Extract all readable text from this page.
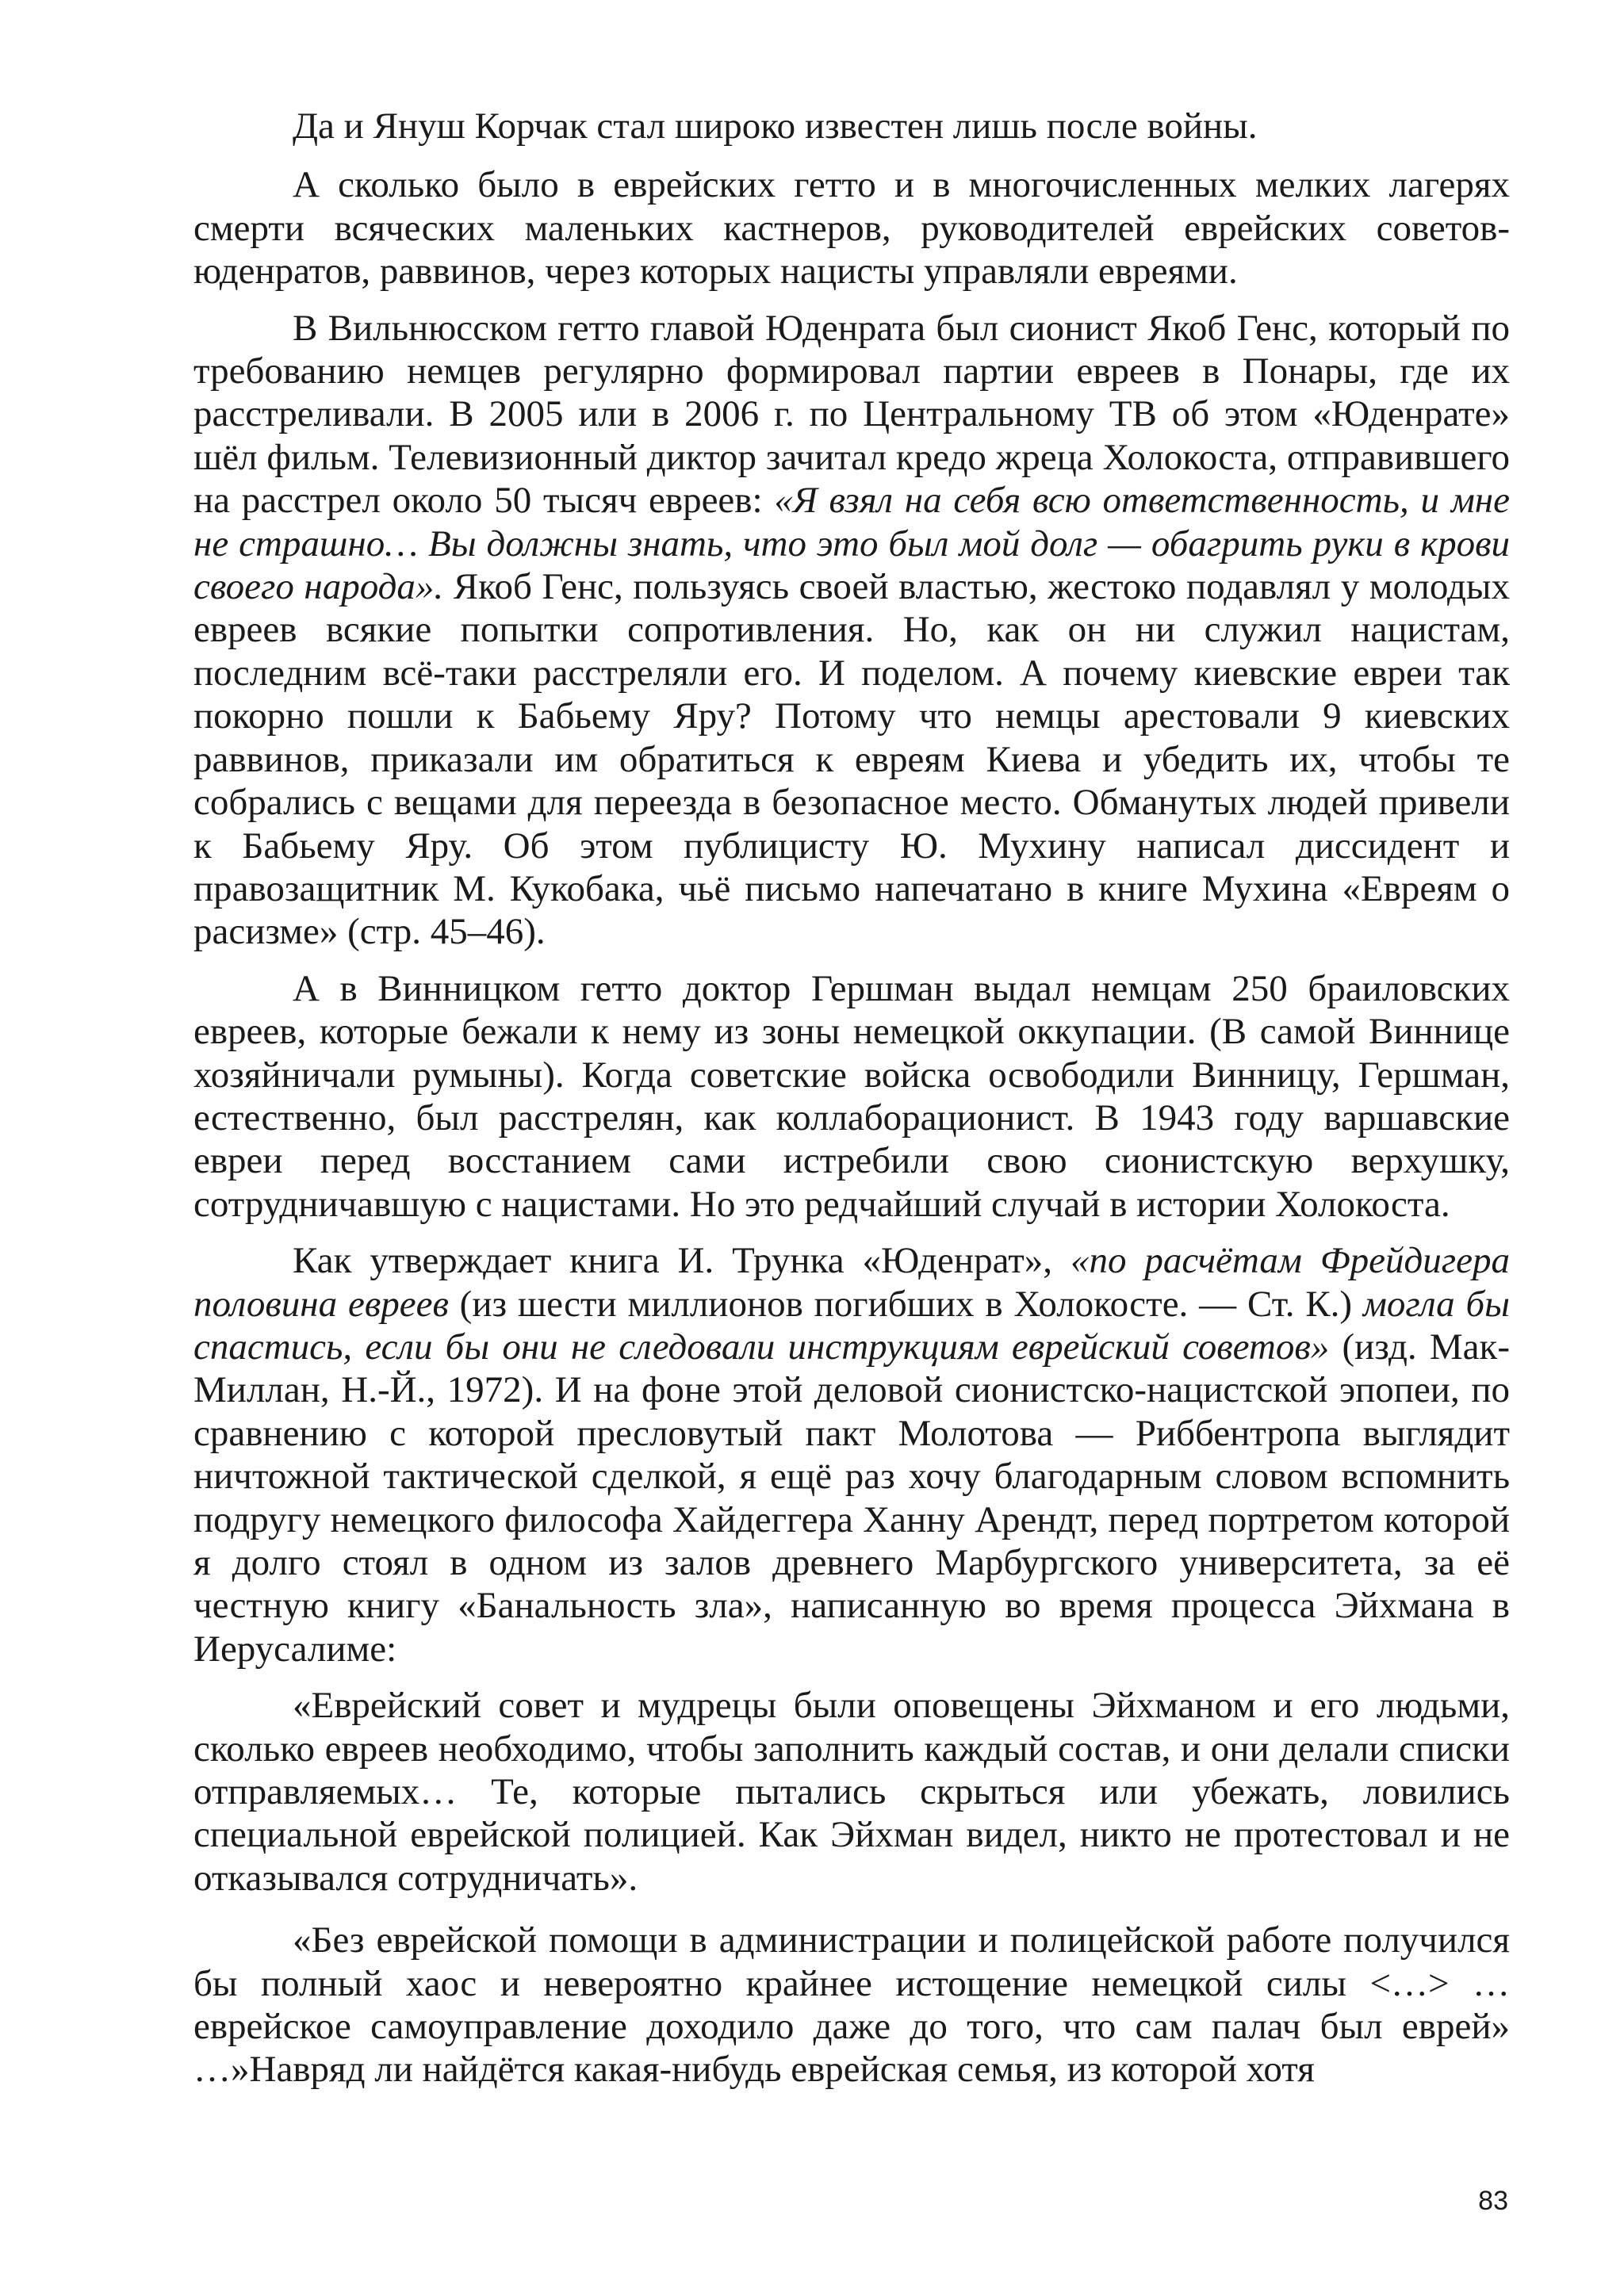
Да и Януш Корчак стал широко известен лишь после войны.

А сколько было в еврейских гетто и в многочисленных мелких лагерях смерти всяческих маленьких кастнеров, руководителей еврейских советов-юденратов, раввинов, через которых нацисты управляли евреями.

В Вильнюсском гетто главой Юденрата был сионист Якоб Генс, который по требованию немцев регулярно формировал партии евреев в Понары, где их расстреливали. В 2005 или в 2006 г. по Центральному ТВ об этом «Юденрате» шёл фильм. Телевизионный диктор зачитал кредо жреца Холокоста, отправившего на расстрел около 50 тысяч евреев: «Я взял на себя всю ответственность, и мне не страшно… Вы должны знать, что это был мой долг — обагрить руки в крови своего народа». Якоб Генс, пользуясь своей властью, жестоко подавлял у молодых евреев всякие попытки сопротивления. Но, как он ни служил нацистам, последним всё-таки расстреляли его. И поделом. А почему киевские евреи так покорно пошли к Бабьему Яру? Потому что немцы арестовали 9 киевских раввинов, приказали им обратиться к евреям Киева и убедить их, чтобы те собрались с вещами для переезда в безопасное место. Обманутых людей привели к Бабьему Яру. Об этом публицисту Ю. Мухину написал диссидент и правозащитник М. Кукобака, чьё письмо напечатано в книге Мухина «Евреям о расизме» (стр. 45–46).

А в Винницком гетто доктор Гершман выдал немцам 250 браиловских евреев, которые бежали к нему из зоны немецкой оккупации. (В самой Виннице хозяйничали румыны). Когда советские войска освободили Винницу, Гершман, естественно, был расстрелян, как коллаборационист. В 1943 году варшавские евреи перед восстанием сами истребили свою сионистскую верхушку, сотрудничавшую с нацистами. Но это редчайший случай в истории Холокоста.

Как утверждает книга И. Трунка «Юденрат», «по расчётам Фрейдигера половина евреев (из шести миллионов погибших в Холокосте. — Ст. К.) могла бы спастись, если бы они не следовали инструкциям еврейский советов» (изд. Мак-Миллан, Н.-Й., 1972). И на фоне этой деловой сионистско-нацистской эпопеи, по сравнению с которой пресловутый пакт Молотова — Риббентропа выглядит ничтожной тактической сделкой, я ещё раз хочу благодарным словом вспомнить подругу немецкого философа Хайдеггера Ханну Арендт, перед портретом которой я долго стоял в одном из залов древнего Марбургского университета, за её честную книгу «Банальность зла», написанную во время процесса Эйхмана в Иерусалиме:

«Еврейский совет и мудрецы были оповещены Эйхманом и его людьми, сколько евреев необходимо, чтобы заполнить каждый состав, и они делали списки отправляемых… Те, которые пытались скрыться или убежать, ловились специальной еврейской полицией. Как Эйхман видел, никто не протестовал и не отказывался сотрудничать».

«Без еврейской помощи в администрации и полицейской работе получился бы полный хаос и невероятно крайнее истощение немецкой силы <…> …еврейское самоуправление доходило даже до того, что сам палач был еврей» …»Навряд ли найдётся какая-нибудь еврейская семья, из которой хотя

83
